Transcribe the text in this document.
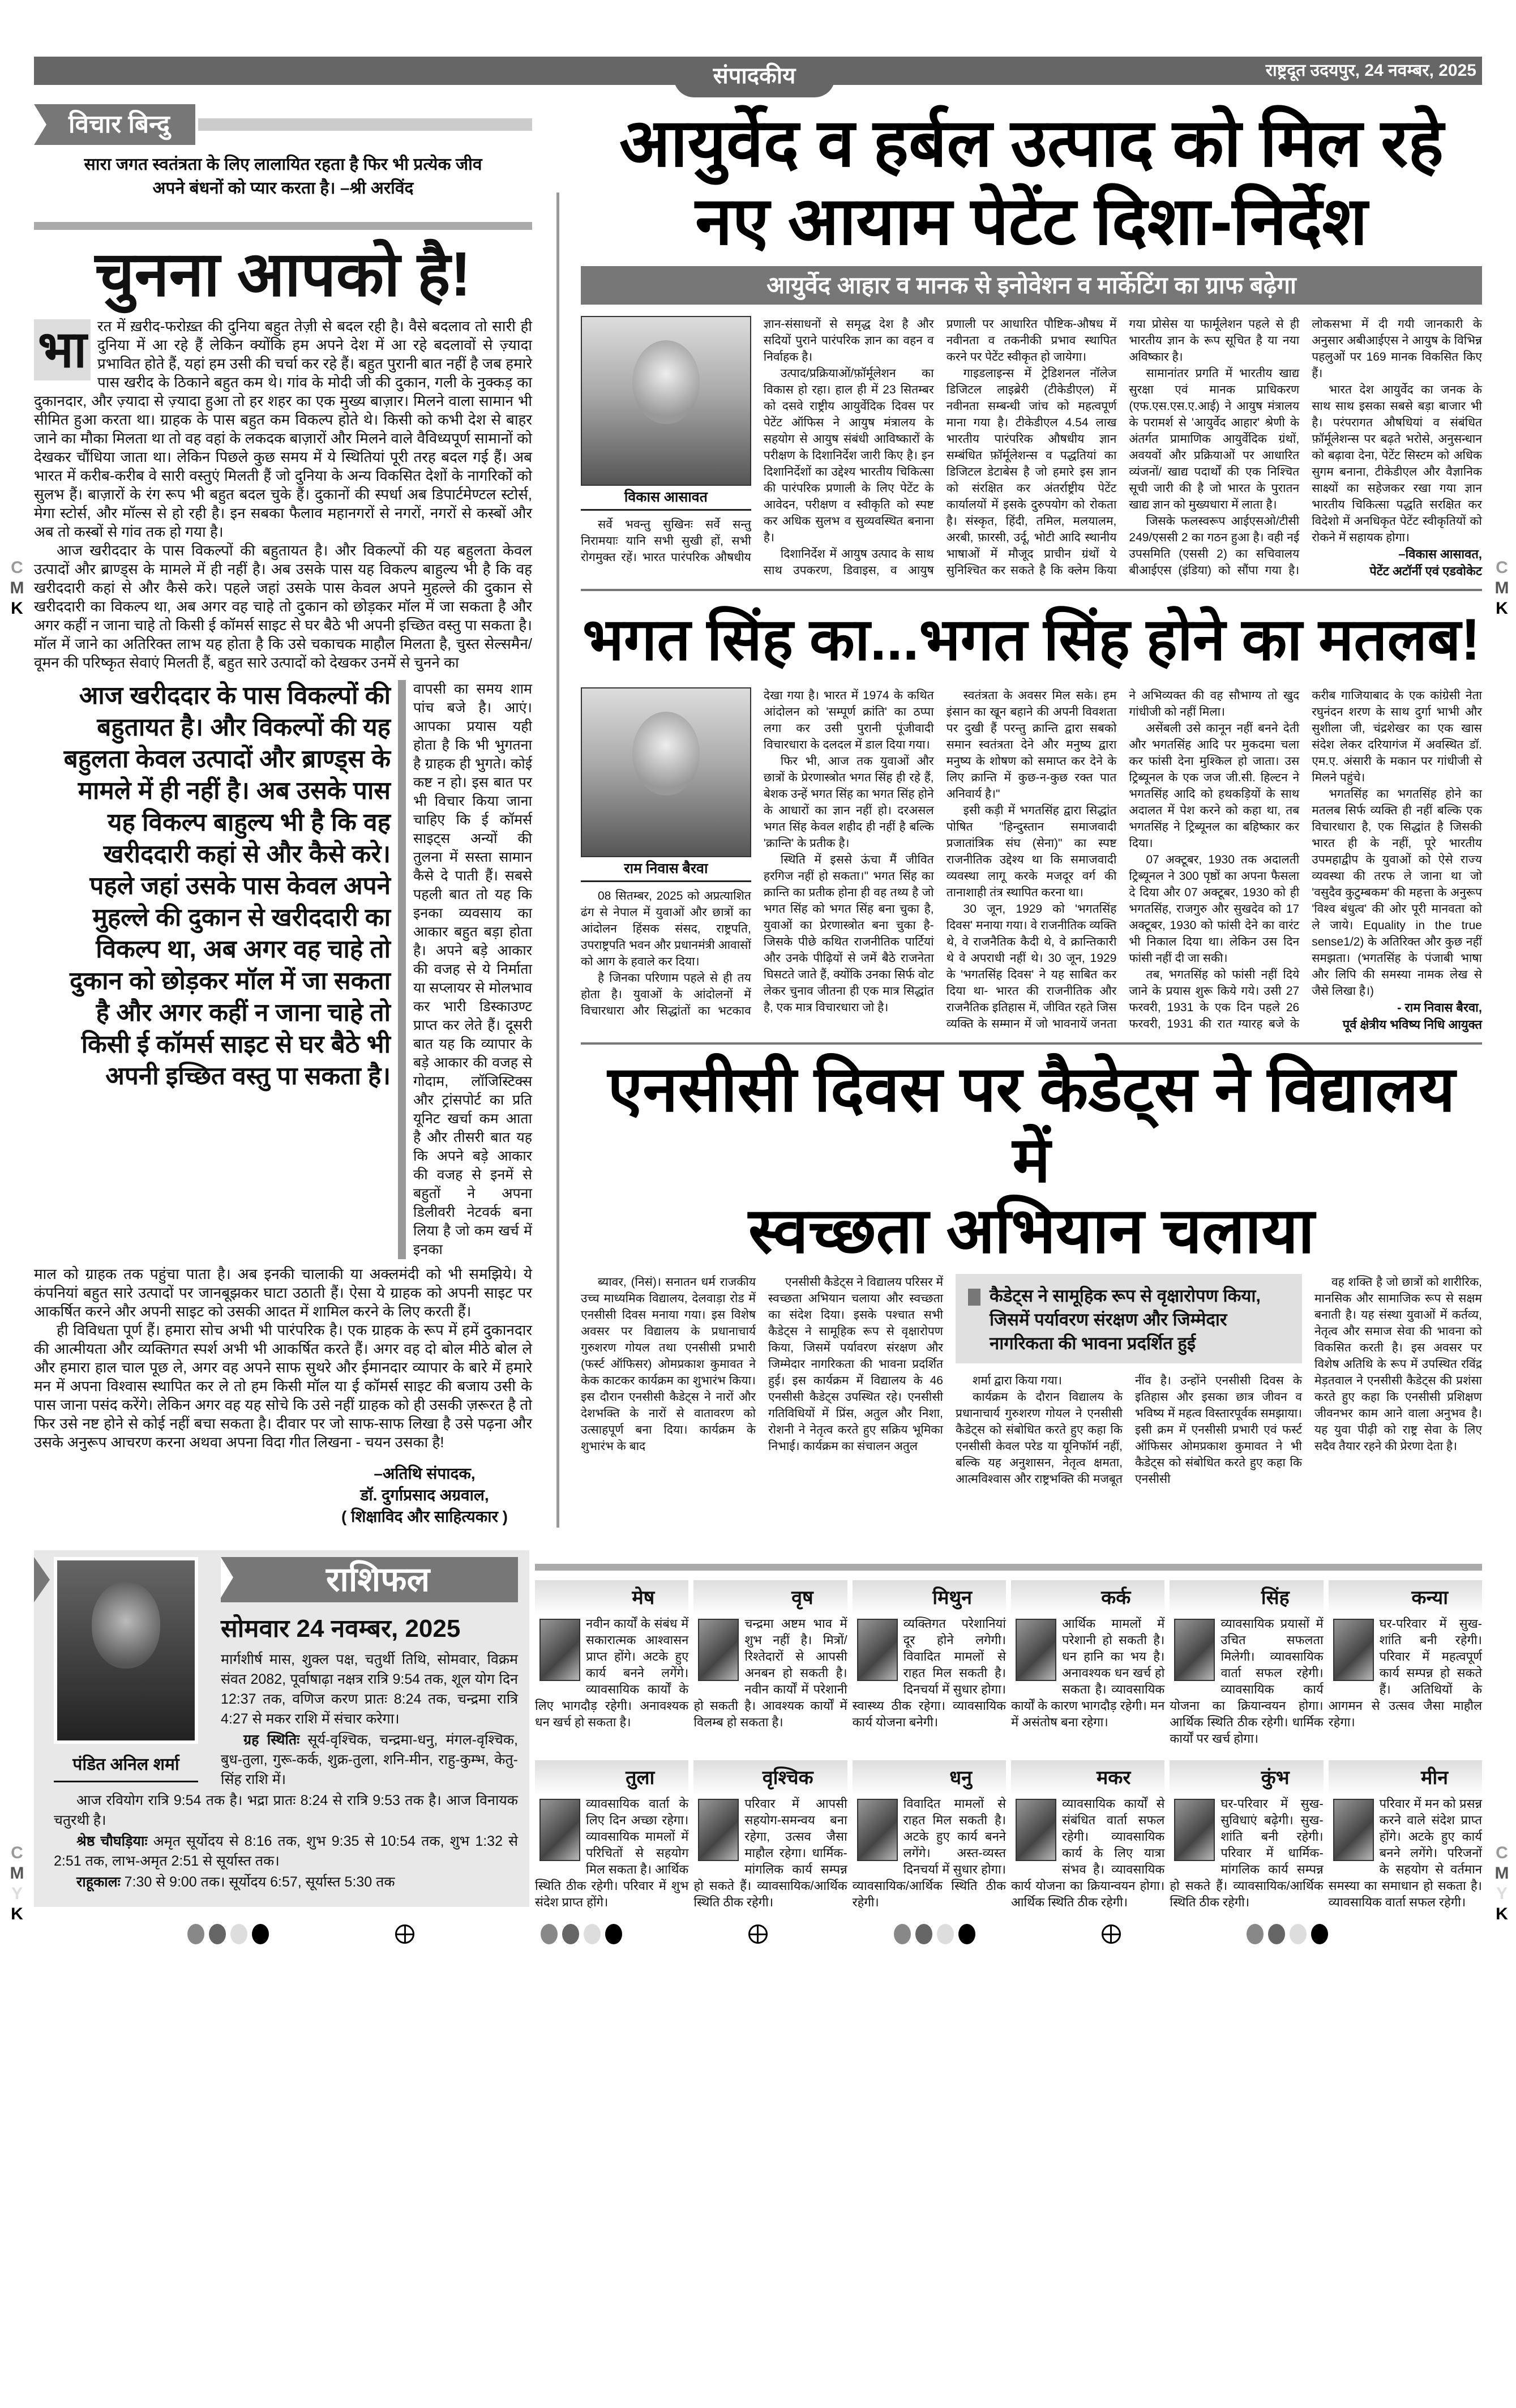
संपादकीय	राष्ट्रदूत उदयपुर, 24 नवम्बर, 2025
विचार बिन्दु
सारा जगत स्वतंत्रता के लिए लालायित रहता है फिर भी प्रत्येक जीव
अपने बंधनों को प्यार करता है। –श्री अरविंद
चुनना आपको है!
भा रत में ख़रीद-फरोख़्त की दुनिया बहुत तेज़ी से बदल रही है। वैसे बदलाव तो सारी ही दुनिया में आ रहे हैं लेकिन क्योंकि हम अपने देश में आ रहे बदलावों से ज़्यादा प्रभावित होते हैं, यहां हम उसी की चर्चा कर रहे हैं। बहुत पुरानी बात नहीं है जब हमारे पास खरीद के ठिकाने बहुत कम थे। गांव के मोदी जी की दुकान, गली के नुक्कड़ का दुकानदार, और ज़्यादा से ज़्यादा हुआ तो हर शहर का एक मुख्य बाज़ार। मिलने वाला सामान भी सीमित हुआ करता था। ग्राहक के पास बहुत कम विकल्प होते थे। किसी को कभी देश से बाहर जाने का मौका मिलता था तो वह वहां के लकदक बाज़ारों और मिलने वाले वैविध्यपूर्ण सामानों को देखकर चौंधिया जाता था। लेकिन पिछले कुछ समय में ये स्थितियां पूरी तरह बदल गई हैं। अब भारत में करीब-करीब वे सारी वस्तुएं मिलती हैं जो दुनिया के अन्य विकसित देशों के नागरिकों को सुलभ हैं। बाज़ारों के रंग रूप भी बहुत बदल चुके हैं। दुकानों की स्पर्धा अब डिपार्टमेण्टल स्टोर्स, मेगा स्टोर्स, और मॉल्स से हो रही है। इन सबका फैलाव महानगरों से नगरों, नगरों से कस्बों और अब तो कस्बों से गांव तक हो गया है।

आज खरीददार के पास विकल्पों की बहुतायत है। और विकल्पों की यह बहुलता केवल उत्पादों और ब्राण्ड्स के मामले में ही नहीं है। अब उसके पास यह विकल्प बाहुल्य भी है कि वह खरीददारी कहां से और कैसे करे। पहले जहां उसके पास केवल अपने मुहल्ले की दुकान से खरीददारी का विकल्प था, अब अगर वह चाहे तो दुकान को छोड़कर मॉल में जा सकता है और अगर कहीं न जाना चाहे तो किसी ई कॉमर्स साइट से घर बैठे भी अपनी इच्छित वस्तु पा सकता है। मॉल में जाने का अतिरिक्त लाभ यह होता है कि उसे चकाचक माहौल मिलता है, चुस्त सेल्समैन/वूमन की परिष्कृत सेवाएं मिलती हैं, बहुत सारे उत्पादों को देखकर उनमें से चुनने का

आज खरीददार के पास विकल्पों की बहुतायत है। और विकल्पों की यह बहुलता केवल उत्पादों और ब्राण्ड्स के मामले में ही नहीं है। अब उसके पास यह विकल्प बाहुल्य भी है कि वह खरीददारी कहां से और कैसे करे। पहले जहां उसके पास केवल अपने मुहल्ले की दुकान से खरीददारी का विकल्प था, अब अगर वह चाहे तो दुकान को छोड़कर मॉल में जा सकता है और अगर कहीं न जाना चाहे तो किसी ई कॉमर्स साइट से घर बैठे भी अपनी इच्छित वस्तु पा सकता है।
वापसी का समय शाम पांच बजे है। आएं। आपका प्रयास यही होता है कि भी भुगतना है ग्राहक ही भुगते। कोई कष्ट न हो। इस बात पर भी विचार किया जाना चाहिए कि ई कॉमर्स साइट्स अन्यों की तुलना में सस्ता सामान कैसे दे पाती हैं। सबसे पहली बात तो यह कि इनका व्यवसाय का आकार बहुत बड़ा होता है। अपने बड़े आकार की वजह से ये निर्माता या सप्लायर से मोलभाव कर भारी डिस्काउण्ट प्राप्त कर लेते हैं। दूसरी बात यह कि व्यापार के बड़े आकार की वजह से गोदाम, लॉजिस्टिक्स और ट्रांसपोर्ट का प्रति यूनिट खर्चा कम आता है और तीसरी बात यह कि अपने बड़े आकार की वजह से इनमें से बहुतों ने अपना डिलीवरी नेटवर्क बना लिया है जो कम खर्च में इनका

माल को ग्राहक तक पहुंचा पाता है। अब इनकी चालाकी या अक्लमंदी को भी समझिये। ये कंपनियां बहुत सारे उत्पादों पर जानबूझकर घाटा उठाती हैं। ऐसा ये ग्राहक को अपनी साइट पर आकर्षित करने और अपनी साइट को उसकी आदत में शामिल करने के लिए करती हैं।

ही विविधता पूर्ण हैं। हमारा सोच अभी भी पारंपरिक है। एक ग्राहक के रूप में हमें दुकानदार की आत्मीयता और व्यक्तिगत स्पर्श अभी भी आकर्षित करते हैं। अगर वह दो बोल मीठे बोल ले और हमारा हाल चाल पूछ ले, अगर वह अपने साफ सुथरे और ईमानदार व्यापार के बारे में हमारे मन में अपना विश्वास स्थापित कर ले तो हम किसी मॉल या ई कॉमर्स साइट की बजाय उसी के पास जाना पसंद करेंगे। लेकिन अगर वह यह सोचे कि उसे नहीं ग्राहक को ही उसकी ज़रूरत है तो फिर उसे नष्ट होने से कोई नहीं बचा सकता है। दीवार पर जो साफ-साफ लिखा है उसे पढ़ना और उसके अनुरूप आचरण करना अथवा अपना विदा गीत लिखना - चयन उसका है!

–अतिथि संपादक,
डॉ. दुर्गाप्रसाद अग्रवाल,
( शिक्षाविद और साहित्यकार )
आयुर्वेद व हर्बल उत्पाद को मिल रहे
नए आयाम पेटेंट दिशा-निर्देश
आयुर्वेद आहार व मानक से इनोवेशन व मार्केटिंग का ग्राफ बढ़ेगा
विकास आसावत

सर्वे भवन्तु सुखिनः सर्वे सन्तु निरामयाः यानि सभी सुखी हों, सभी रोगमुक्त रहें। भारत पारंपरिक औषधीय ज्ञान-संसाधनों से समृद्ध देश है और सदियों पुराने पारंपरिक ज्ञान का वहन व निर्वाहक है।

उत्पाद/प्रक्रियाओं/फ़ॉर्मूलेशन का विकास हो रहा। हाल ही में 23 सितम्बर को दसवे राष्ट्रीय आयुर्वेदिक दिवस पर पेटेंट ऑफिस ने आयुष मंत्रालय के सहयोग से आयुष संबंधी आविष्कारों के परीक्षण के दिशानिर्देश जारी किए है। इन दिशानिर्देशों का उद्देश्य भारतीय चिकित्सा की पारंपरिक प्रणाली के लिए पेटेंट के आवेदन, परीक्षण व स्वीकृति को स्पष्ट कर अधिक सुलभ व सुव्यवस्थित बनाना है।

दिशानिर्देश में आयुष उत्पाद के साथ साथ उपकरण, डिवाइस, व आयुष प्रणाली पर आधारित पौष्टिक-औषध में नवीनता व तकनीकी प्रभाव स्थापित करने पर पेटेंट स्वीकृत हो जायेगा।

गाइडलाइन्स में ट्रेडिशनल नॉलेज डिजिटल लाइब्रेरी (टीकेडीएल) में नवीनता सम्बन्धी जांच को महत्वपूर्ण माना गया है। टीकेडीएल 4.54 लाख भारतीय पारंपरिक औषधीय ज्ञान सम्बंधित फ़ॉर्मूलेशन्स व पद्धतियां का डिजिटल डेटाबेस है जो हमारे इस ज्ञान को संरक्षित कर अंतर्राष्ट्रीय पेटेंट कार्यालयों में इसके दुरुपयोग को रोकता है। संस्कृत, हिंदी, तमिल, मलयालम, अरबी, फ़ारसी, उर्दू, भोटी आदि स्थानीय भाषाओं में मौजूद प्राचीन ग्रंथों ये सुनिश्चित कर सकते है कि क्लेम किया गया प्रोसेस या फार्मूलेशन पहले से ही भारतीय ज्ञान के रूप सूचित है या नया अविष्कार है।

सामानांतर प्रगति में भारतीय खाद्य सुरक्षा एवं मानक प्राधिकरण (एफ.एस.एस.ए.आई) ने आयुष मंत्रालय के परामर्श से 'आयुर्वेद आहार' श्रेणी के अंतर्गत प्रामाणिक आयुर्वेदिक ग्रंथों, अवयवों और प्रक्रियाओं पर आधारित व्यंजनों/ खाद्य पदार्थों की एक निश्चित सूची जारी की है जो भारत के पुरातन खाद्य ज्ञान को मुख्यधारा में लाता है।

जिसके फलस्वरूप आईएसओ/टीसी 249/एससी 2 का गठन हुआ है। वही नई उपसमिति (एससी 2) का सचिवालय बीआईएस (इंडिया) को सौंपा गया है। लोकसभा में दी गयी जानकारी के अनुसार अबीआईएस ने आयुष के विभिन्न पहलुओं पर 169 मानक विकसित किए हैं।

भारत देश आयुर्वेद का जनक के साथ साथ इसका सबसे बड़ा बाजार भी है। परंपरागत औषधियां व संबंधित फ़ॉर्मूलेशन्स पर बढ़ते भरोसे, अनुसन्धान को बढ़ावा देना, पेटेंट सिस्टम को अधिक सुगम बनाना, टीकेडीएल और वैज्ञानिक साक्ष्यों का सहेजकर रखा गया ज्ञान भारतीय चिकित्सा पद्धति सरक्षित कर विदेशो में अनधिकृत पेटेंट स्वीकृतियों को रोकने में सहायक होगा।

–विकास आसावत,

पेटेंट अटॉर्नी एवं एडवोकेट

भगत सिंह का...भगत सिंह होने का मतलब!
राम निवास बैरवा

08 सितम्बर, 2025 को अप्रत्याशित ढंग से नेपाल में युवाओं और छात्रों का आंदोलन हिंसक संसद, राष्ट्रपति, उपराष्ट्रपति भवन और प्रधानमंत्री आवासों को आग के हवाले कर दिया।

है जिनका परिणाम पहले से ही तय होता है। युवाओं के आंदोलनों में विचारधारा और सिद्धांतों का भटकाव देखा गया है। भारत में 1974 के कथित आंदोलन को 'सम्पूर्ण क्रांति' का ठप्पा लगा कर उसी पुरानी पूंजीवादी विचारधारा के दलदल में डाल दिया गया।

फिर भी, आज तक युवाओं और छात्रों के प्रेरणास्त्रोत भगत सिंह ही रहे हैं, बेशक उन्हें भगत सिंह का भगत सिंह होने के आधारों का ज्ञान नहीं हो। दरअसल भगत सिंह केवल शहीद ही नहीं है बल्कि 'क्रान्ति' के प्रतीक है।

स्थिति में इससे ऊंचा मैं जीवित हरगिज नहीं हो सकता।" भगत सिंह का क्रान्ति का प्रतीक होना ही वह तथ्य है जो भगत सिंह को भगत सिंह बना चुका है, युवाओं का प्रेरणास्त्रोत बना चुका है- जिसके पीछे कथित राजनीतिक पार्टियां और उनके पीढ़ियों से जमें बैठे राजनेता घिसटते जाते हैं, क्योंकि उनका सिर्फ वोट लेकर चुनाव जीतना ही एक मात्र सिद्धांत है, एक मात्र विचारधारा जो है।

स्वतंत्रता के अवसर मिल सके। हम इंसान का खून बहाने की अपनी विवशता पर दुखी हैं परन्तु क्रान्ति द्वारा सबको समान स्वतंत्रता देने और मनुष्य द्वारा मनुष्य के शोषण को समाप्त कर देने के लिए क्रान्ति में कुछ-न-कुछ रक्त पात अनिवार्य है।"

इसी कड़ी में भगतसिंह द्वारा सिद्धांत पोषित "हिन्दुस्तान समाजवादी प्रजातांत्रिक संघ (सेना)" का स्पष्ट राजनीतिक उद्देश्य था कि समाजवादी व्यवस्था लागू करके मजदूर वर्ग की तानाशाही तंत्र स्थापित करना था।

30 जून, 1929 को 'भगतसिंह दिवस' मनाया गया। वे राजनीतिक व्यक्ति थे, वे राजनैतिक कैदी थे, वे क्रान्तिकारी थे वे अपराधी नहीं थे। 30 जून, 1929 के 'भगतसिंह दिवस' ने यह साबित कर दिया था- भारत की राजनीतिक और राजनैतिक इतिहास में, जीवित रहते जिस व्यक्ति के सम्मान में जो भावनायें जनता ने अभिव्यक्त की वह सौभाग्य तो खुद गांधीजी को नहीं मिला।

असेंबली उसे कानून नहीं बनने देती और भगतसिंह आदि पर मुकदमा चला कर फांसी देना मुश्किल हो जाता। उस ट्रिब्यूनल के एक जज जी.सी. हिल्टन ने भगतसिंह आदि को हथकड़ियों के साथ अदालत में पेश करने को कहा था, तब भगतसिंह ने ट्रिब्यूनल का बहिष्कार कर दिया।

07 अक्टूबर, 1930 तक अदालती ट्रिब्यूनल ने 300 पृष्ठों का अपना फैसला दे दिया और 07 अक्टूबर, 1930 को ही भगतसिंह, राजगुरु और सुखदेव को 17 अक्टूबर, 1930 को फांसी देने का वारंट भी निकाल दिया था। लेकिन उस दिन फांसी नहीं दी जा सकी।

तब, भगतसिंह को फांसी नहीं दिये जाने के प्रयास शुरू किये गये। उसी 27 फरवरी, 1931 के एक दिन पहले 26 फरवरी, 1931 की रात ग्यारह बजे के करीब गाजियाबाद के एक कांग्रेसी नेता रघुनंदन शरण के साथ दुर्गा भाभी और सुशीला जी, चंद्रशेखर का एक खास संदेश लेकर दरियागंज में अवस्थित डॉ. एम.ए. अंसारी के मकान पर गांधीजी से मिलने पहुंचे।

भगतसिंह का भगतसिंह होने का मतलब सिर्फ व्यक्ति ही नहीं बल्कि एक विचारधारा है, एक सिद्धांत है जिसकी भारत ही के नहीं, पूरे भारतीय उपमहाद्वीप के युवाओं को ऐसे राज्य व्यवस्था की तरफ ले जाना था जो 'वसुदैव कुटुम्बकम' की महत्ता के अनुरूप 'विश्व बंधुत्व' की ओर पूरी मानवता को ले जाये। Equality in the true sense1/2) के अतिरिक्त और कुछ नहीं समझता। (भगतसिंह के पंजाबी भाषा और लिपि की समस्या नामक लेख से जैसे लिखा है।)

- राम निवास बैरवा,

पूर्व क्षेत्रीय भविष्य निधि आयुक्त

एनसीसी दिवस पर कैडेट्स ने विद्यालय में
स्वच्छता अभियान चलाया

ब्यावर, (निसं)। सनातन धर्म राजकीय उच्च माध्यमिक विद्यालय, देलवाड़ा रोड में एनसीसी दिवस मनाया गया। इस विशेष अवसर पर विद्यालय के प्रधानाचार्य गुरुशरण गोयल तथा एनसीसी प्रभारी (फर्स्ट ऑफिसर) ओमप्रकाश कुमावत ने केक काटकर कार्यक्रम का शुभारंभ किया। इस दौरान एनसीसी कैडेट्स ने नारों और देशभक्ति के नारों से वातावरण को उत्साहपूर्ण बना दिया। कार्यक्रम के शुभारंभ के बाद

एनसीसी कैडेट्स ने विद्यालय परिसर में स्वच्छता अभियान चलाया और स्वच्छता का संदेश दिया। इसके पश्चात सभी कैडेट्स ने सामूहिक रूप से वृक्षारोपण किया, जिसमें पर्यावरण संरक्षण और जिम्मेदार नागरिकता की भावना प्रदर्शित हुई। इस कार्यक्रम में विद्यालय के 46 एनसीसी कैडेट्स उपस्थित रहे। एनसीसी गतिविधियों में प्रिंस, अतुल और निशा, रोशनी ने नेतृत्व करते हुए सक्रिय भूमिका निभाई। कार्यक्रम का संचालन अतुल

कैडेट्स ने सामूहिक रूप से वृक्षारोपण किया, जिसमें पर्यावरण संरक्षण और जिम्मेदार नागरिकता की भावना प्रदर्शित हुई

शर्मा द्वारा किया गया।

कार्यक्रम के दौरान विद्यालय के प्रधानाचार्य गुरुशरण गोयल ने एनसीसी कैडेट्स को संबोधित करते हुए कहा कि एनसीसी केवल परेड या यूनिफॉर्म नहीं, बल्कि यह अनुशासन, नेतृत्व क्षमता, आत्मविश्वास और राष्ट्रभक्ति की मजबूत नींव है। उन्होंने एनसीसी दिवस के इतिहास और इसका छात्र जीवन व भविष्य में महत्व विस्तारपूर्वक समझाया। इसी क्रम में एनसीसी प्रभारी एवं फर्स्ट ऑफिसर ओमप्रकाश कुमावत ने भी कैडेट्स को संबोधित करते हुए कहा कि एनसीसी

वह शक्ति है जो छात्रों को शारीरिक, मानसिक और सामाजिक रूप से सक्षम बनाती है। यह संस्था युवाओं में कर्तव्य, नेतृत्व और समाज सेवा की भावना को विकसित करती है। इस अवसर पर विशेष अतिथि के रूप में उपस्थित रविंद्र मेड़तवाल ने एनसीसी कैडेट्स की प्रशंसा करते हुए कहा कि एनसीसी प्रशिक्षण जीवनभर काम आने वाला अनुभव है। यह युवा पीढ़ी को राष्ट्र सेवा के लिए सदैव तैयार रहने की प्रेरणा देता है।

पंडित अनिल शर्मा
राशिफल
सोमवार 24 नवम्बर, 2025

मार्गशीर्ष मास, शुक्ल पक्ष, चतुर्थी तिथि, सोमवार, विक्रम संवत 2082, पूर्वाषाढ़ा नक्षत्र रात्रि 9:54 तक, शूल योग दिन 12:37 तक, वणिज करण प्रातः 8:24 तक, चन्द्रमा रात्रि 4:27 से मकर राशि में संचार करेगा।

ग्रह स्थितिः सूर्य-वृश्चिक, चन्द्रमा-धनु, मंगल-वृश्चिक, बुध-तुला, गुरू-कर्क, शुक्र-तुला, शनि-मीन, राहु-कुम्भ, केतु-सिंह राशि में।

आज रवियोग रात्रि 9:54 तक है। भद्रा प्रातः 8:24 से रात्रि 9:53 तक है। आज विनायक चतुरथी है।

श्रेष्ठ चौघड़ियाः अमृत सूर्योदय से 8:16 तक, शुभ 9:35 से 10:54 तक, शुभ 1:32 से 2:51 तक, लाभ-अमृत 2:51 से सूर्यास्त तक।

राहूकालः 7:30 से 9:00 तक। सूर्योदय 6:57, सूर्यास्त 5:30 तक

मेष
नवीन कार्यों के संबंध में सकारात्मक आश्वासन प्राप्त होंगे। अटके हुए कार्य बनने लगेंगे। व्यावसायिक कार्यों के लिए भागदौड़ रहेगी। अनावश्यक धन खर्च हो सकता है।
वृष
चन्द्रमा अष्टम भाव में शुभ नहीं है। मित्रों/रिश्तेदारों से आपसी अनबन हो सकती है। नवीन कार्यों में परेशानी हो सकती है। आवश्यक कार्यों में विलम्ब हो सकता है।
मिथुन
व्यक्तिगत परेशानियां दूर होने लगेगी। विवादित मामलों से राहत मिल सकती है। दिनचर्या में सुधार होगा। स्वास्थ्य ठीक रहेगा। व्यावसायिक कार्य योजना बनेगी।
कर्क
आर्थिक मामलों में परेशानी हो सकती है। धन हानि का भय है। अनावश्यक धन खर्च हो सकता है। व्यावसायिक कार्यों के कारण भागदौड़ रहेगी। मन में असंतोष बना रहेगा।
सिंह
व्यावसायिक प्रयासों में उचित सफलता मिलेगी। व्यावसायिक वार्ता सफल रहेगी। व्यावसायिक कार्य योजना का क्रियान्वयन होगा। आर्थिक स्थिति ठीक रहेगी। धार्मिक कार्यों पर खर्च होगा।
कन्या
घर-परिवार में सुख-शांति बनी रहेगी। परिवार में महत्वपूर्ण कार्य सम्पन्न हो सकते हैं। अतिथियों के आगमन से उत्सव जैसा माहौल रहेगा।
तुला
व्यावसायिक वार्ता के लिए दिन अच्छा रहेगा। व्यावसायिक मामलों में परिचितों से सहयोग मिल सकता है। आर्थिक स्थिति ठीक रहेगी। परिवार में शुभ संदेश प्राप्त होंगे।
वृश्चिक
परिवार में आपसी सहयोग-समन्वय बना रहेगा, उत्सव जैसा माहौल रहेगा। धार्मिक-मांगलिक कार्य सम्पन्न हो सकते हैं। व्यावसायिक/आर्थिक स्थिति ठीक रहेगी।
धनु
विवादित मामलों से राहत मिल सकती है। अटके हुए कार्य बनने लगेंगे। अस्त-व्यस्त दिनचर्या में सुधार होगा। व्यावसायिक/आर्थिक स्थिति ठीक रहेगी।
मकर
व्यावसायिक कार्यों से संबंधित वार्ता सफल रहेगी। व्यावसायिक कार्य के लिए यात्रा संभव है। व्यावसायिक कार्य योजना का क्रियान्वयन होगा। आर्थिक स्थिति ठीक रहेगी।
कुंभ
घर-परिवार में सुख-सुविधाएं बढ़ेगी। सुख-शांति बनी रहेगी। परिवार में धार्मिक-मांगलिक कार्य सम्पन्न हो सकते हैं। व्यावसायिक/आर्थिक स्थिति ठीक रहेगी।
मीन
परिवार में मन को प्रसन्न करने वाले संदेश प्राप्त होंगे। अटके हुए कार्य बनने लगेंगे। परिजनों के सहयोग से वर्तमान समस्या का समाधान हो सकता है। व्यावसायिक वार्ता सफल रहेगी।
C
M
K
C
M
Y
K
C
M
K
C
M
Y
K
